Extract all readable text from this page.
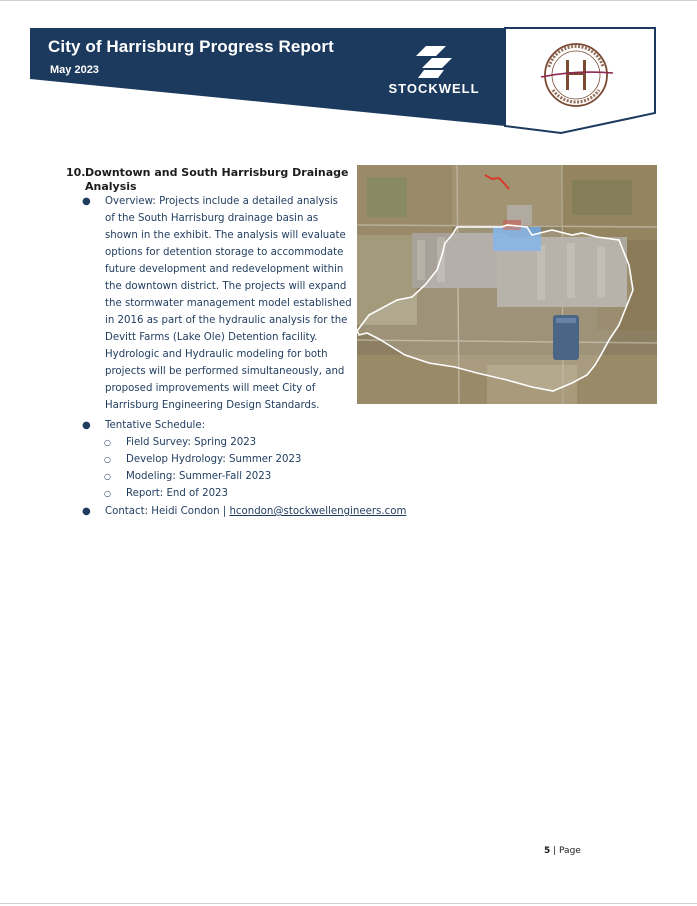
City of Harrisburg Progress Report
May 2023
STOCKWELL
10. Downtown and South Harrisburg Drainage Analysis
● Overview: Projects include a detailed analysis
of the South Harrisburg drainage basin as
shown in the exhibit. The analysis will evaluate
options for detention storage to accommodate
future development and redevelopment within
the downtown district. The projects will expand
the stormwater management model established
in 2016 as part of the hydraulic analysis for the
Devitt Farms (Lake Ole) Detention facility.
Hydrologic and Hydraulic modeling for both
projects will be performed simultaneously, and
proposed improvements will meet City of
Harrisburg Engineering Design Standards.
● Tentative Schedule:
○ Field Survey: Spring 2023
○ Develop Hydrology: Summer 2023
○ Modeling: Summer-Fall 2023
○ Report: End of 2023
● Contact: Heidi Condon | hcondon@stockwellengineers.com
5 | Page
